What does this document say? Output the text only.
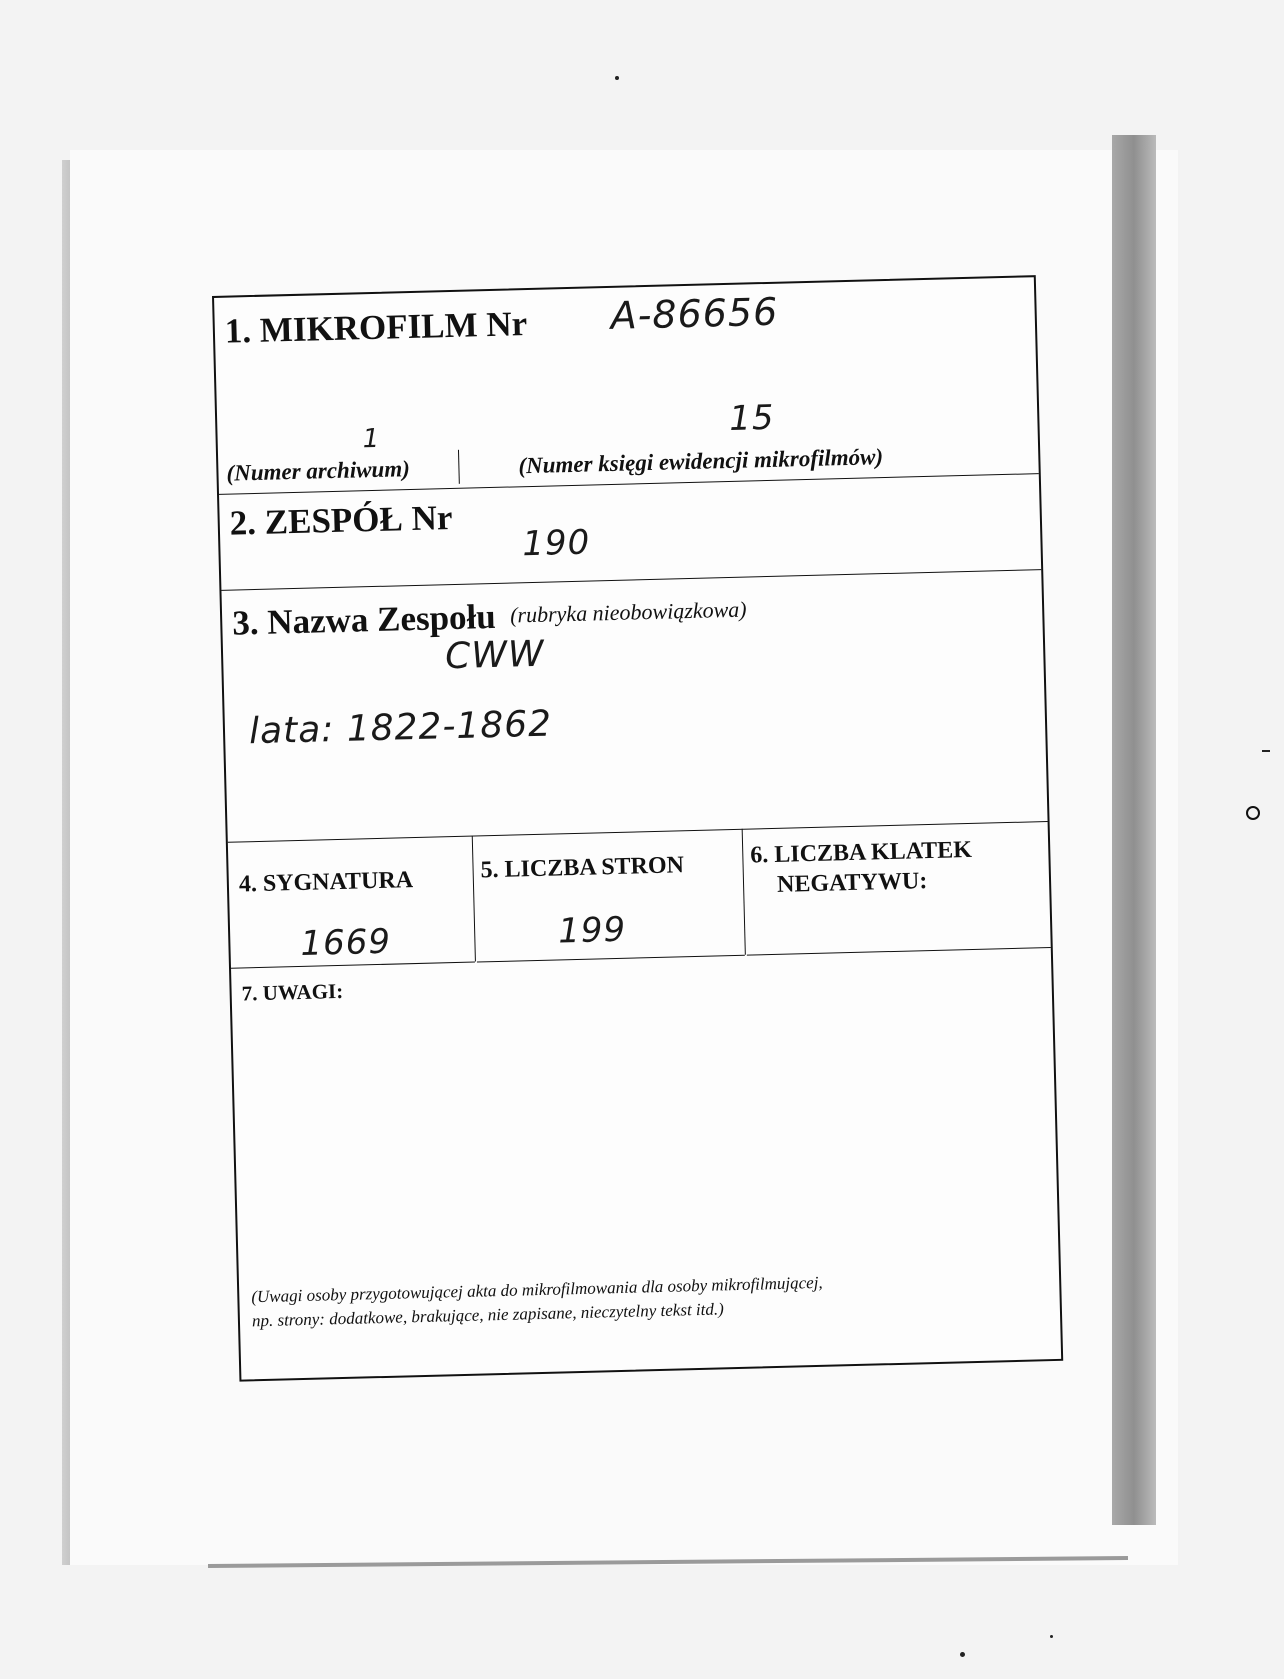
1. MIKROFILM Nr A-86656
1
15
(Numer archiwum)	(Numer księgi ewidencji mikrofilmów)
2. ZESPÓŁ Nr
190
3. Nazwa Zespołu (rubryka nieobowiązkowa)
CWW
lata: 1822-1862
4. SYGNATURA
1669
5. LICZBA STRON
199
6. LICZBA KLATEK
NEGATYWU:
7. UWAGI:
(Uwagi osoby przygotowującej akta do mikrofilmowania dla osoby mikrofilmującej,
np. strony: dodatkowe, brakujące, nie zapisane, nieczytelny tekst itd.)
